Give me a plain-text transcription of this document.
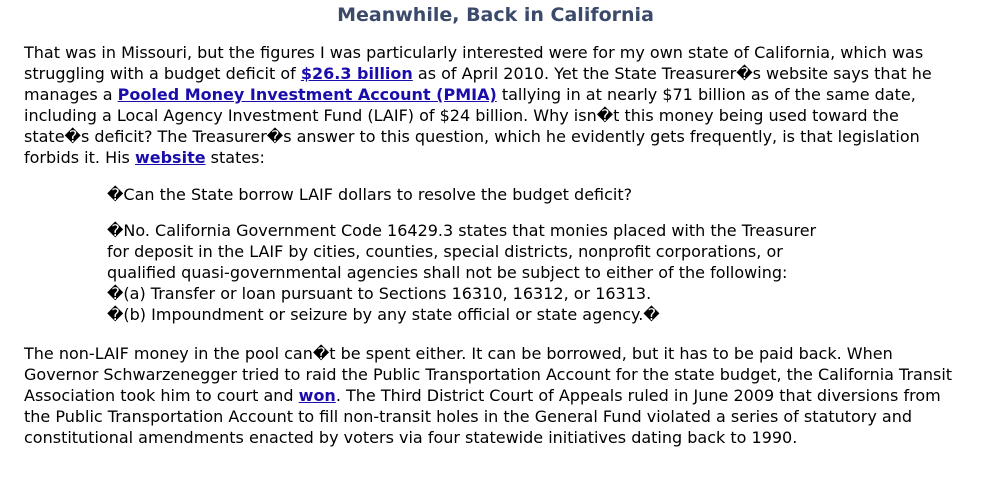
Meanwhile, Back in California

That was in Missouri, but the figures I was particularly interested were for my own state of California, which was struggling with a budget deficit of $26.3 billion as of April 2010. Yet the State Treasurer�s website says that he manages a Pooled Money Investment Account (PMIA) tallying in at nearly $71 billion as of the same date, including a Local Agency Investment Fund (LAIF) of $24 billion. Why isn�t this money being used toward the state�s deficit? The Treasurer�s answer to this question, which he evidently gets frequently, is that legislation forbids it. His website states:

�Can the State borrow LAIF dollars to resolve the budget deficit?

�No. California Government Code 16429.3 states that monies placed with the Treasurer
for deposit in the LAIF by cities, counties, special districts, nonprofit corporations, or
qualified quasi-governmental agencies shall not be subject to either of the following:
�(a) Transfer or loan pursuant to Sections 16310, 16312, or 16313.
�(b) Impoundment or seizure by any state official or state agency.�

The non-LAIF money in the pool can�t be spent either. It can be borrowed, but it has to be paid back. When Governor Schwarzenegger tried to raid the Public Transportation Account for the state budget, the California Transit Association took him to court and won. The Third District Court of Appeals ruled in June 2009 that diversions from the Public Transportation Account to fill non-transit holes in the General Fund violated a series of statutory and constitutional amendments enacted by voters via four statewide initiatives dating back to 1990.
